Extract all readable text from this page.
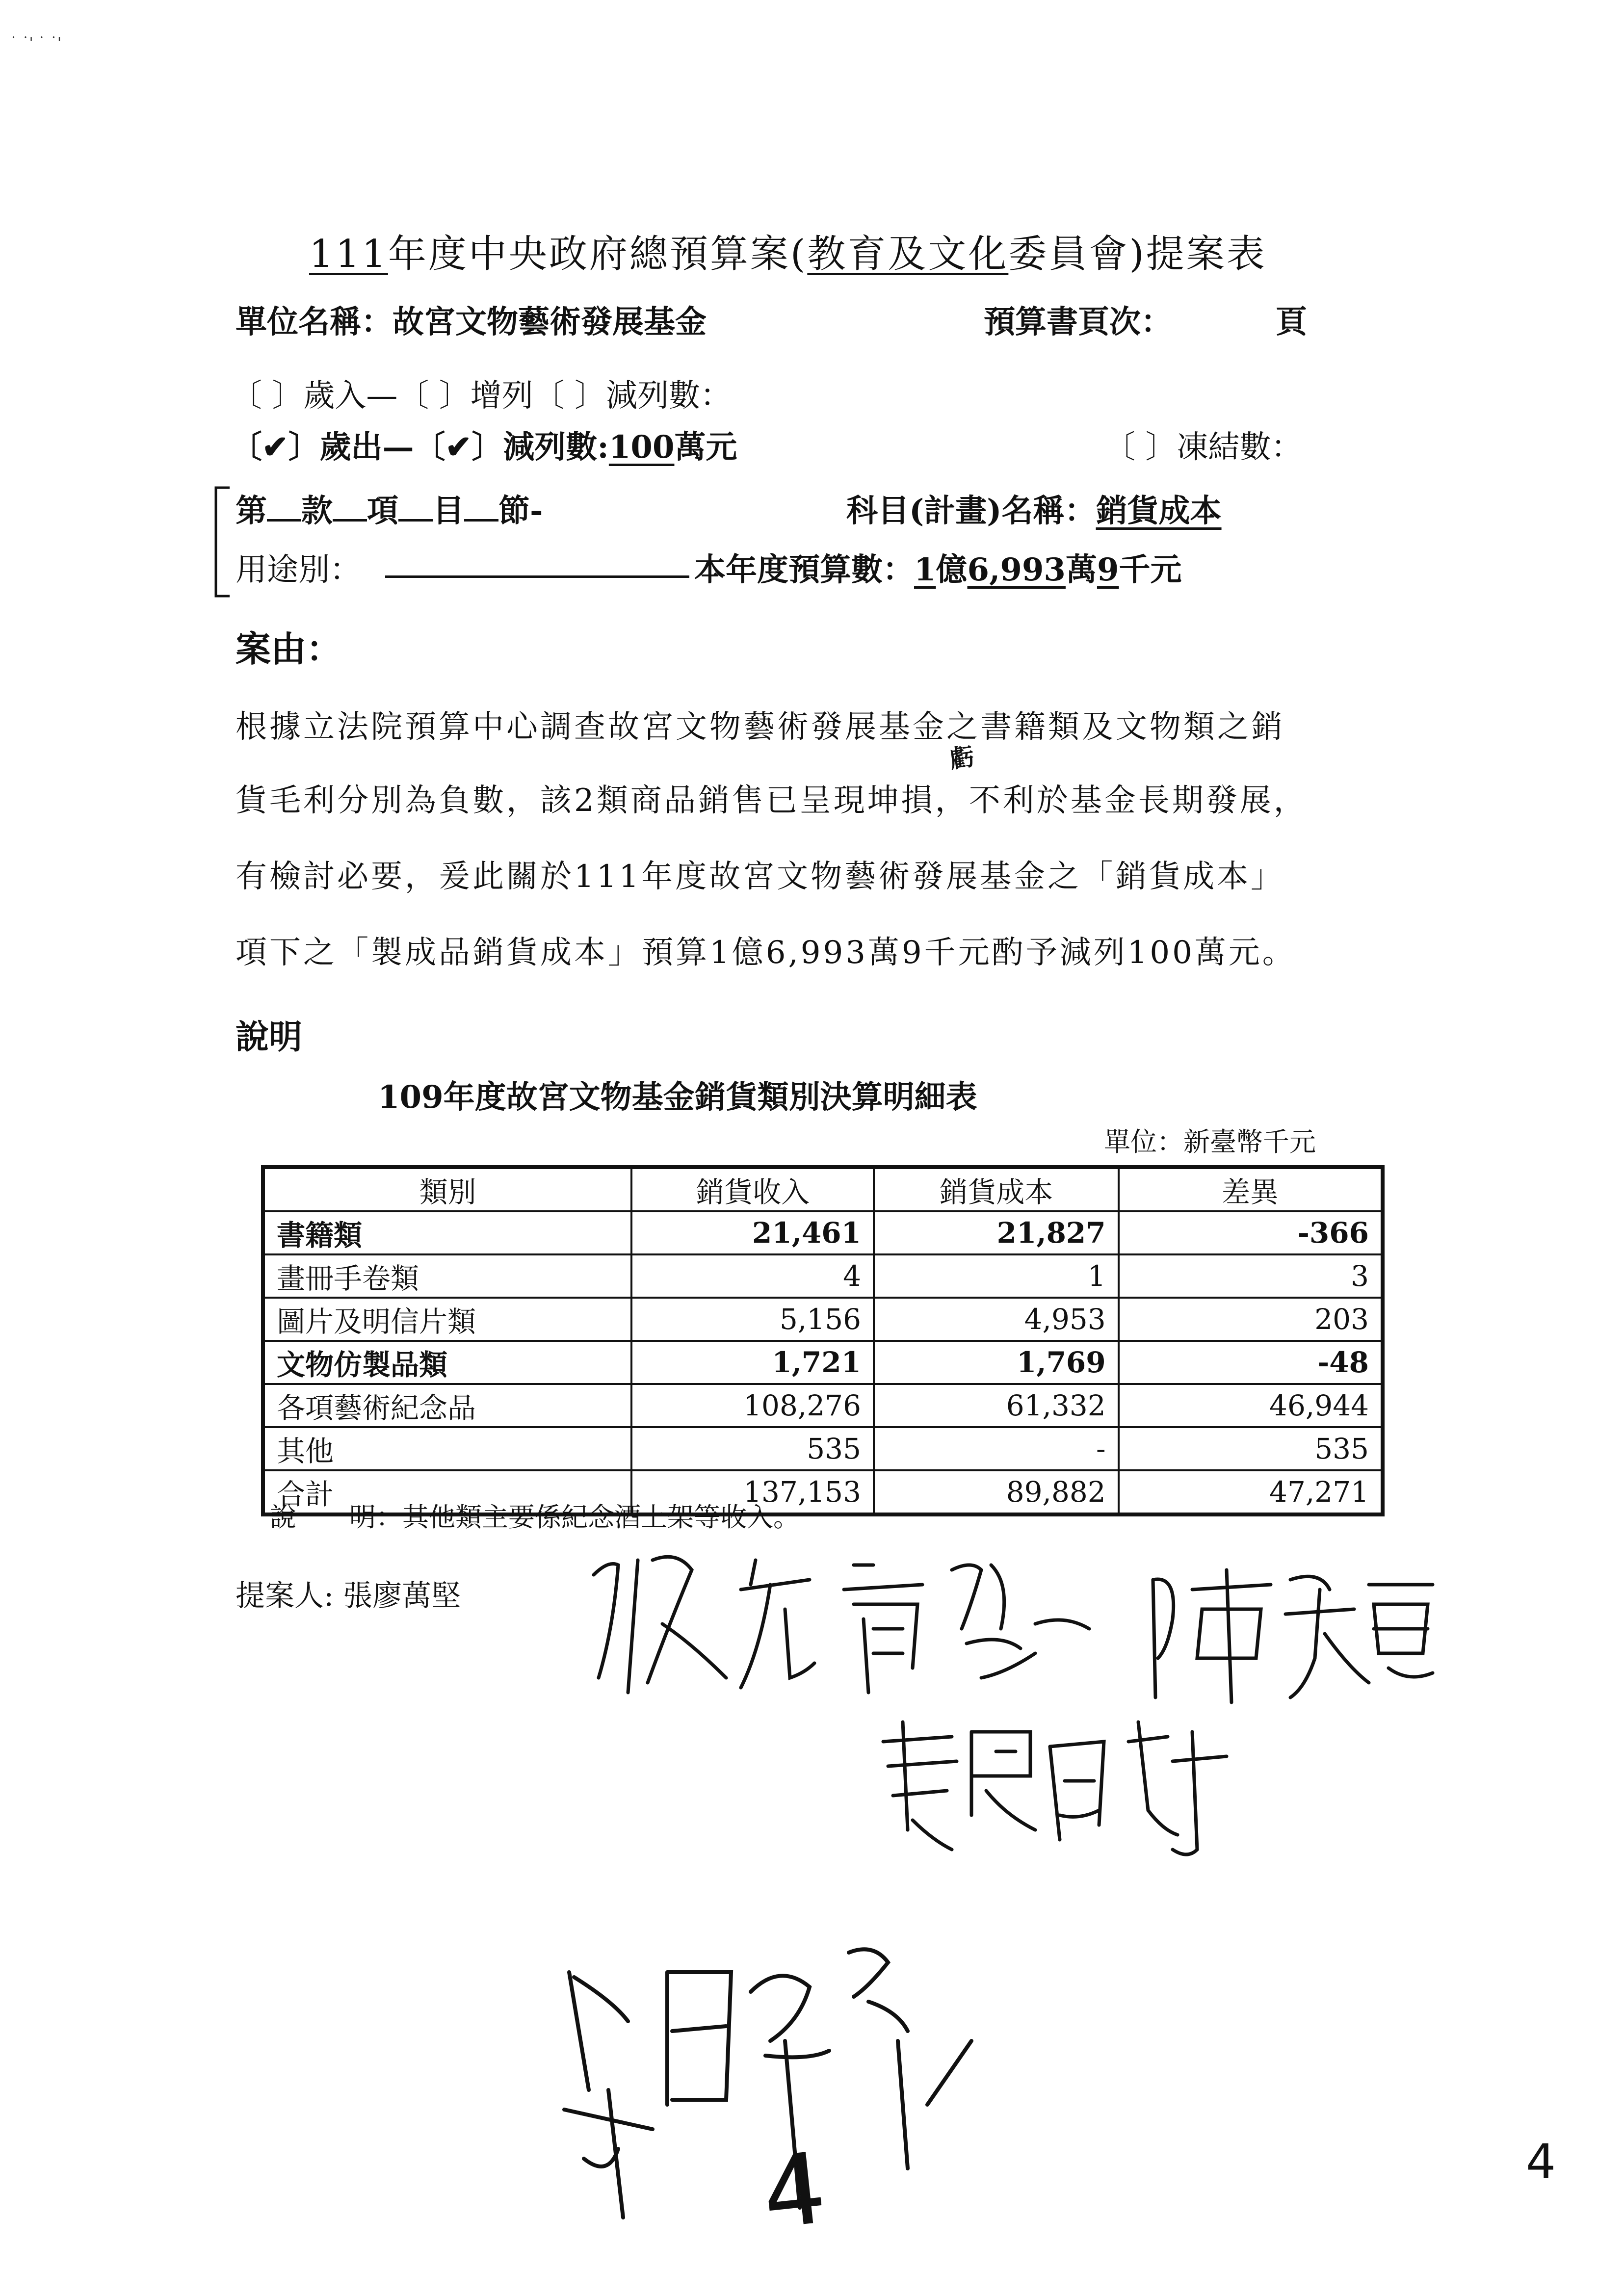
˙ ˙' ˙ ˙'
111年度中央政府總預算案(教育及文化委員會)提案表
單位名稱：故宮文物藝術發展基金	預算書頁次：	頁
〔 〕歲入—〔 〕增列〔 〕減列數：
〔✔〕歲出—〔✔〕減列數:100萬元	〔 〕凍結數：
第 款 項 目 節-	科目(計畫)名稱：銷貨成本
用途別：	本年度預算數：1億6,993萬9千元
案由：
根據立法院預算中心調查故宮文物藝術發展基金之書籍類及文物類之銷
虧
貨毛利分別為負數，該2類商品銷售已呈現坤損，不利於基金長期發展，
有檢討必要，爰此關於111年度故宮文物藝術發展基金之「銷貨成本」
項下之「製成品銷貨成本」預算1億6,993萬9千元酌予減列100萬元。
說明
109年度故宮文物基金銷貨類別決算明細表
單位：新臺幣千元
類別	銷貨收入	銷貨成本	差異
書籍類	21,461	21,827	-366
畫冊手卷類	4	1	3
圖片及明信片類	5,156	4,953	203
文物仿製品類	1,721	1,769	-48
各項藝術紀念品	108,276	61,332	46,944
其他	535	-	535
合計	137,153	89,882	47,271
說　　明：其他類主要係紀念酒上架等收入。
提案人: 張廖萬堅
4	4
